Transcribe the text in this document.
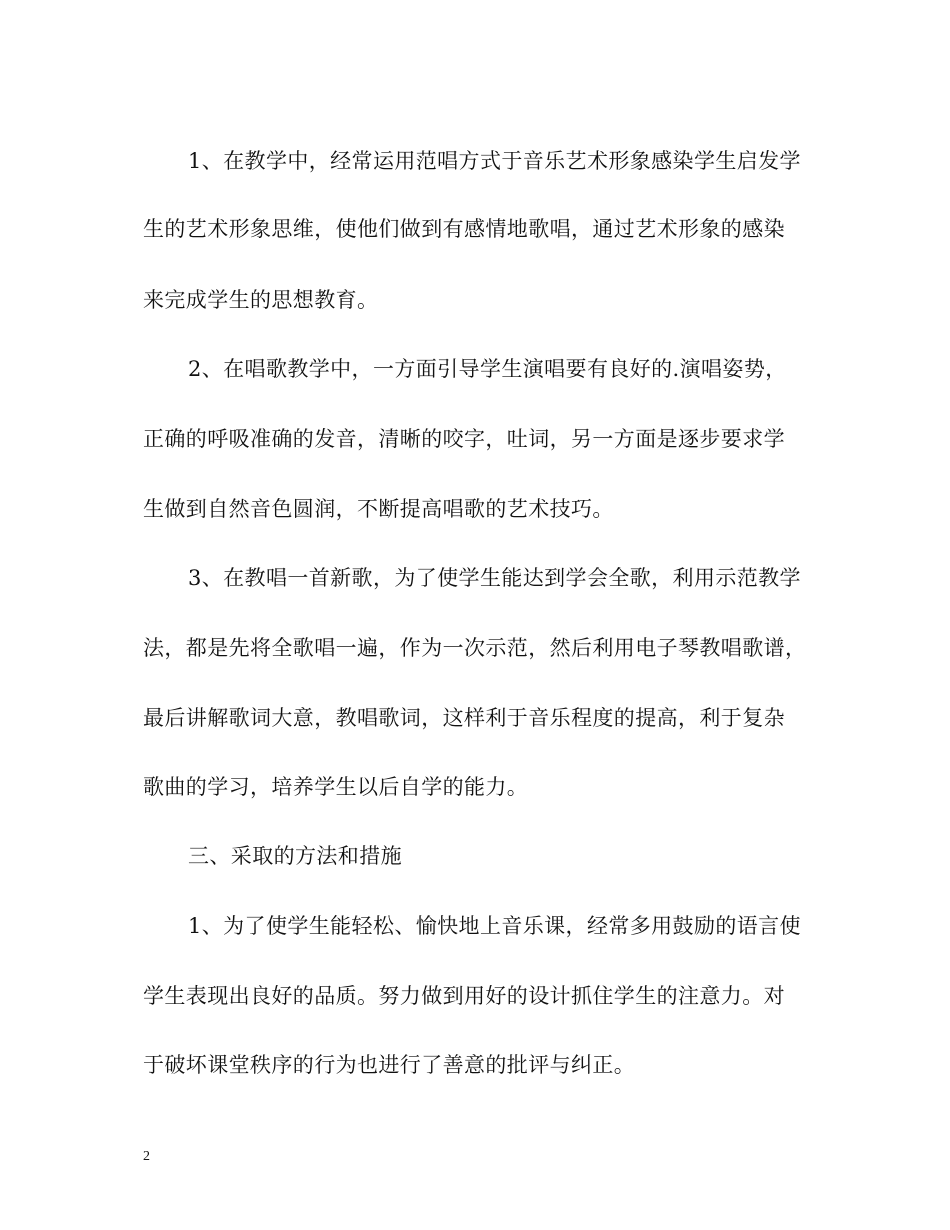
1、在教学中，经常运用范唱方式于音乐艺术形象感染学生启发学
生的艺术形象思维，使他们做到有感情地歌唱，通过艺术形象的感染
来完成学生的思想教育。
2、在唱歌教学中，一方面引导学生演唱要有良好的.演唱姿势，
正确的呼吸准确的发音，清晰的咬字，吐词，另一方面是逐步要求学
生做到自然音色圆润，不断提高唱歌的艺术技巧。
3、在教唱一首新歌，为了使学生能达到学会全歌，利用示范教学
法，都是先将全歌唱一遍，作为一次示范，然后利用电子琴教唱歌谱，
最后讲解歌词大意，教唱歌词，这样利于音乐程度的提高，利于复杂
歌曲的学习，培养学生以后自学的能力。
三、采取的方法和措施
1、为了使学生能轻松、愉快地上音乐课，经常多用鼓励的语言使
学生表现出良好的品质。努力做到用好的设计抓住学生的注意力。对
于破坏课堂秩序的行为也进行了善意的批评与纠正。
2
